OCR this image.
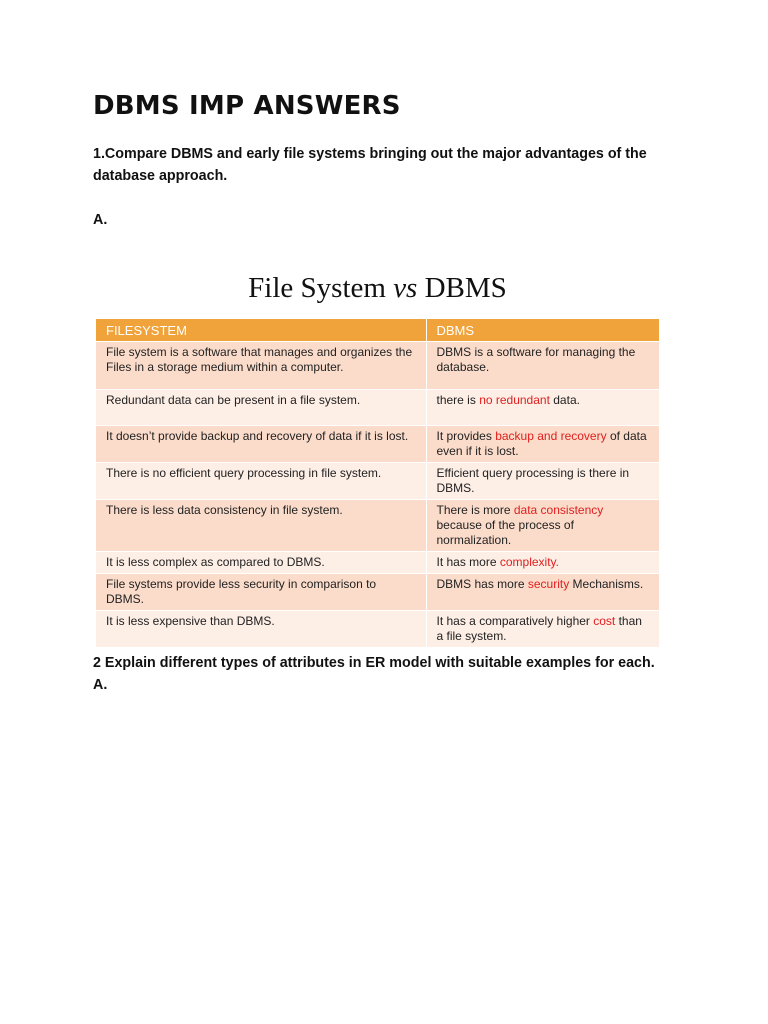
DBMS IMP ANSWERS

1.Compare DBMS and early file systems bringing out the major advantages of the database approach.

A.

File System vs DBMS
FILESYSTEM	DBMS
File system is a software that manages and organizes the Files in a storage medium within a computer.	DBMS is a software for managing the database.
Redundant data can be present in a file system.	there is no redundant data.
It doesn’t provide backup and recovery of data if it is lost.	It provides backup and recovery of data even if it is lost.
There is no efficient query processing in file system.	Efficient query processing is there in DBMS.
There is less data consistency in file system.	There is more data consistency because of the process of normalization.
It is less complex as compared to DBMS.	It has more complexity.
File systems provide less security in comparison to DBMS.	DBMS has more security Mechanisms.
It is less expensive than DBMS.	It has a comparatively higher cost than a file system.

2 Explain different types of attributes in ER model with suitable examples for each.

A.
